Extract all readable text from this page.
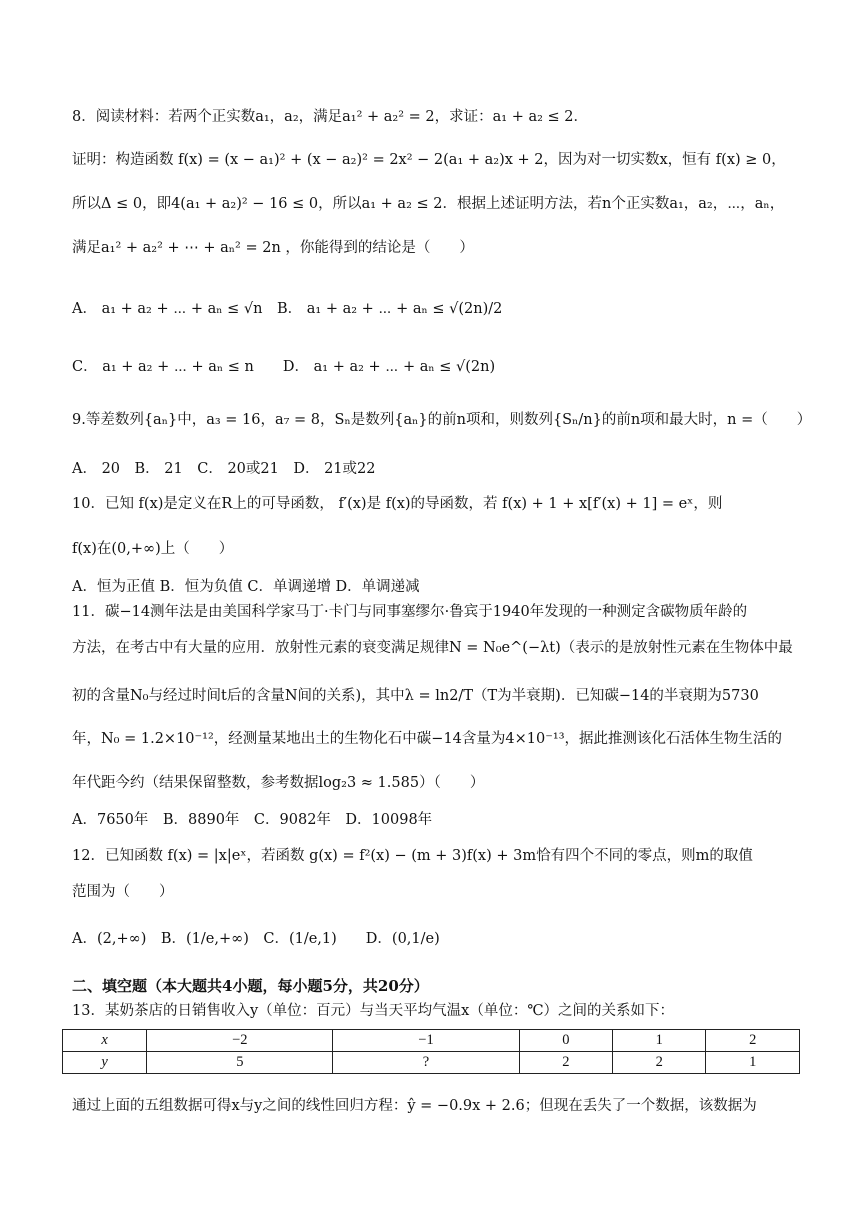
8．阅读材料：若两个正实数a₁，a₂，满足a₁² + a₂² = 2，求证：a₁ + a₂ ≤ 2．
证明：构造函数 f(x) = (x − a₁)² + (x − a₂)² = 2x² − 2(a₁ + a₂)x + 2，因为对一切实数x，恒有 f(x) ≥ 0，
所以Δ ≤ 0，即4(a₁ + a₂)² − 16 ≤ 0，所以a₁ + a₂ ≤ 2．根据上述证明方法，若n个正实数a₁，a₂，⋯，aₙ，
满足a₁² + a₂² + ⋯ + aₙ² = 2n ，你能得到的结论是（　　）
A． a₁ + a₂ + ⋯ + aₙ ≤ √n　B． a₁ + a₂ + ⋯ + aₙ ≤ √(2n)/2
C． a₁ + a₂ + ⋯ + aₙ ≤ n　　D． a₁ + a₂ + ⋯ + aₙ ≤ √(2n)
9.等差数列{aₙ}中，a₃ = 16，a₇ = 8，Sₙ是数列{aₙ}的前n项和，则数列{Sₙ/n}的前n项和最大时，n =（　　）
A． 20　B． 21　C． 20或21　D． 21或22
10．已知 f(x)是定义在R上的可导函数， f′(x)是 f(x)的导函数，若 f(x) + 1 + x[f′(x) + 1] = eˣ，则
f(x)在(0,+∞)上（　　）
A．恒为正值 B．恒为负值 C．单调递增 D．单调递减
11．碳−14测年法是由美国科学家马丁·卡门与同事塞缪尔·鲁宾于1940年发现的一种测定含碳物质年龄的
方法，在考古中有大量的应用．放射性元素的衰变满足规律N = N₀e^(−λt)（表示的是放射性元素在生物体中最
初的含量N₀与经过时间t后的含量N间的关系)，其中λ = ln2/T（T为半衰期)．已知碳−14的半衰期为5730
年，N₀ = 1.2×10⁻¹²，经测量某地出土的生物化石中碳−14含量为4×10⁻¹³，据此推测该化石活体生物生活的
年代距今约（结果保留整数，参考数据log₂3 ≈ 1.585）（　　）
A．7650年　B．8890年　C．9082年　D．10098年
12．已知函数 f(x) = |x|eˣ，若函数 g(x) = f²(x) − (m + 3)f(x) + 3m恰有四个不同的零点，则m的取值
范围为（　　）
A．(2,+∞)　B．(1/e,+∞)　C．(1/e,1)　　D．(0,1/e)
二、填空题（本大题共4小题，每小题5分，共20分）
13．某奶茶店的日销售收入y（单位：百元）与当天平均气温x（单位：℃）之间的关系如下：
x	−2	−1	0	1	2
y	5	?	2	2	1
通过上面的五组数据可得x与y之间的线性回归方程：ŷ = −0.9x + 2.6；但现在丢失了一个数据，该数据为
